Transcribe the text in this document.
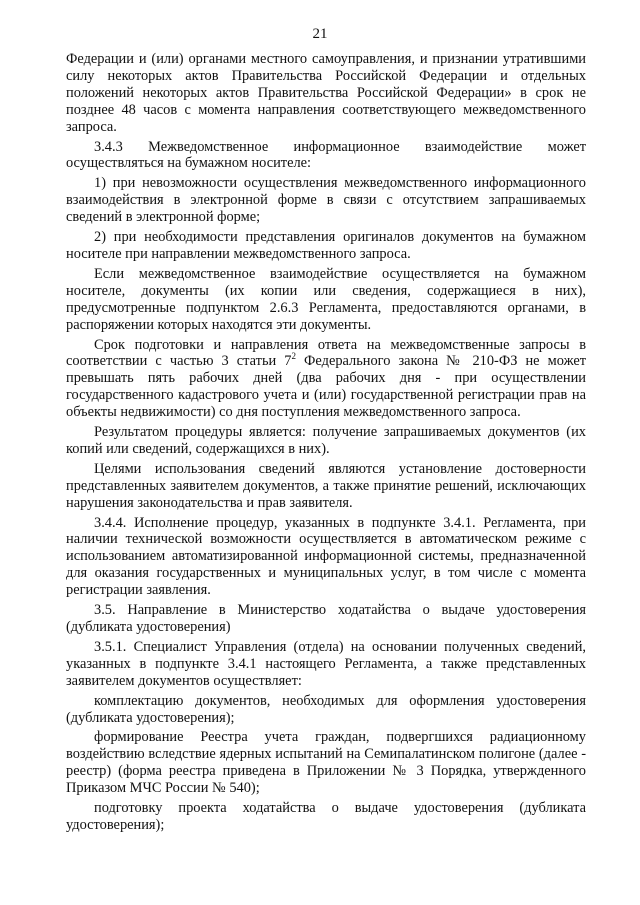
21

Федерации и (или) органами местного самоуправления, и признании утратившими силу некоторых актов Правительства Российской Федерации и отдельных положений некоторых актов Правительства Российской Федерации» в срок не позднее 48 часов с момента направления соответствующего межведомственного запроса.

3.4.3 Межведомственное информационное взаимодействие может осуществляться на бумажном носителе:

1) при невозможности осуществления межведомственного информационного взаимодействия в электронной форме в связи с отсутствием запрашиваемых сведений в электронной форме;

2) при необходимости представления оригиналов документов на бумажном носителе при направлении межведомственного запроса.

Если межведомственное взаимодействие осуществляется на бумажном носителе, документы (их копии или сведения, содержащиеся в них), предусмотренные подпунктом 2.6.3 Регламента, предоставляются органами, в распоряжении которых находятся эти документы.

Срок подготовки и направления ответа на межведомственные запросы в соответствии с частью 3 статьи $7^2$ Федерального закона № 210-ФЗ не может превышать пять рабочих дней (два рабочих дня - при осуществлении государственного кадастрового учета и (или) государственной регистрации прав на объекты недвижимости) со дня поступления межведомственного запроса.

Результатом процедуры является: получение запрашиваемых документов (их копий или сведений, содержащихся в них).

Целями использования сведений являются установление достоверности представленных заявителем документов, а также принятие решений, исключающих нарушения законодательства и прав заявителя.

3.4.4. Исполнение процедур, указанных в подпункте 3.4.1. Регламента, при наличии технической возможности осуществляется в автоматическом режиме с использованием автоматизированной информационной системы, предназначенной для оказания государственных и муниципальных услуг, в том числе с момента регистрации заявления.

3.5. Направление в Министерство ходатайства о выдаче удостоверения (дубликата удостоверения)

3.5.1. Специалист Управления (отдела) на основании полученных сведений, указанных в подпункте 3.4.1 настоящего Регламента, а также представленных заявителем документов осуществляет:

комплектацию документов, необходимых для оформления удостоверения (дубликата удостоверения);

формирование Реестра учета граждан, подвергшихся радиационному воздействию вследствие ядерных испытаний на Семипалатинском полигоне (далее - реестр) (форма реестра приведена в Приложении № 3 Порядка, утвержденного Приказом МЧС России № 540);

подготовку проекта ходатайства о выдаче удостоверения (дубликата удостоверения);
